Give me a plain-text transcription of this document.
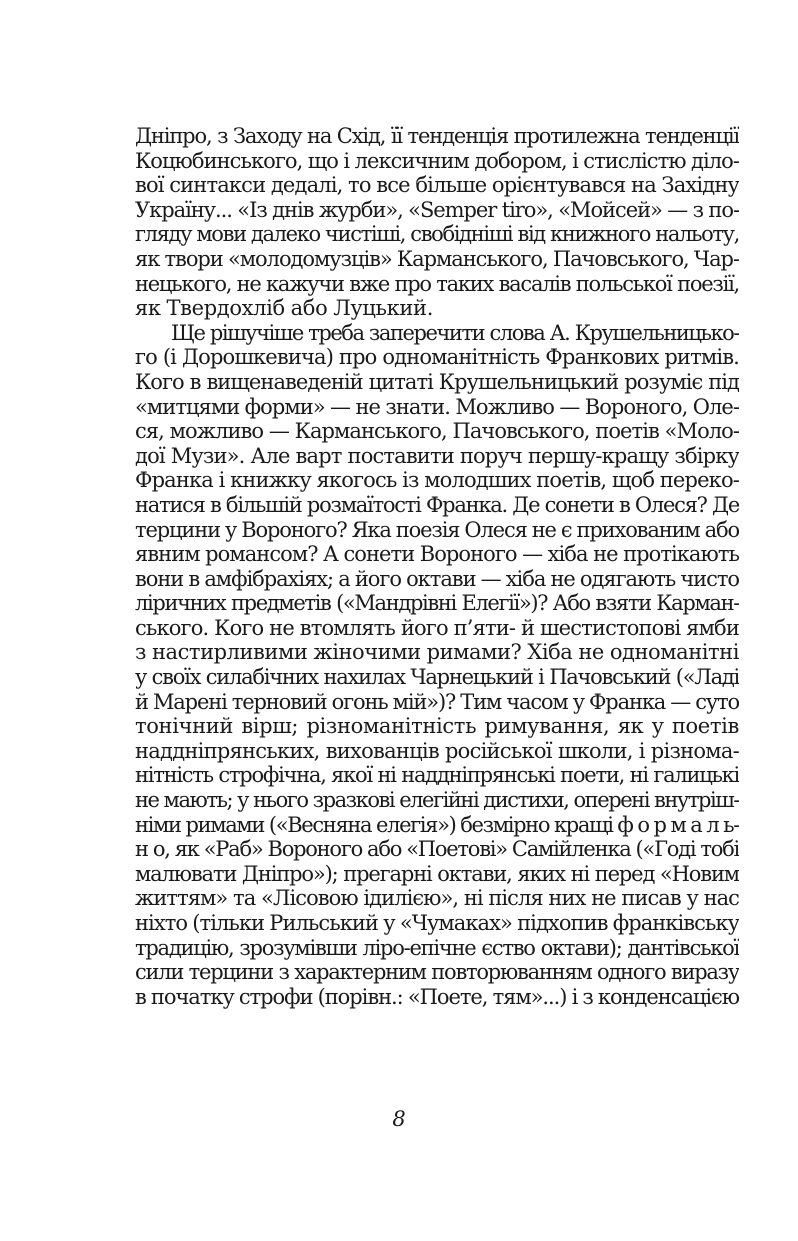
Дніпро, з Заходу на Схід, її тенденція протилежна тенденції
Коцюбинського, що і лексичним добором, і стислістю діло-
вої синтакси дедалі, то все більше орієнтувався на Західну
Україну... «Із днів журби», «Semper tiro», «Мойсей» — з по-
гляду мови далеко чистіші, свобідніші від книжного нальоту,
як твори «молодомузців» Карманського, Пачовського, Чар-
нецького, не кажучи вже про таких васалів польської поезії,
як Твердохліб або Луцький.
Ще рішучіше треба заперечити слова А. Крушельницько-
го (і Дорошкевича) про одноманітність Франкових ритмів.
Кого в вищенаведеній цитаті Крушельницький розуміє під
«митцями форми» — не знати. Можливо — Вороного, Оле-
ся, можливо — Карманського, Пачовського, поетів «Моло-
дої Музи». Але варт поставити поруч першу-кращу збірку
Франка і книжку якогось із молодших поетів, щоб переко-
натися в більшій розмаїтості Франка. Де сонети в Олеся? Де
терцини у Вороного? Яка поезія Олеся не є прихованим або
явним романсом? А сонети Вороного — хіба не протікають
вони в амфібрахіях; а його октави — хіба не одягають чисто
ліричних предметів («Мандрівні Елегії»)? Або взяти Карман-
ського. Кого не втомлять його п’яти- й шестистопові ямби
з настирливими жіночими римами? Хіба не одноманітні
у своїх силабічних нахилах Чарнецький і Пачовський («Ладі
й Марені терновий огонь мій»)? Тим часом у Франка — суто
тонічний вірш; різноманітність римування, як у поетів
наддніпрянських, вихованців російської школи, і різнома-
нітність строфічна, якої ні наддніпрянські поети, ні галицькі
не мають; у нього зразкові елегійні дистихи, оперені внутріш-
німи римами («Весняна елегія») безмірно кращі ф о р м а л ь-
н о, як «Раб» Вороного або «Поетові» Самійленка («Годі тобі
малювати Дніпро»); прегарні октави, яких ні перед «Новим
життям» та «Лісовою ідилією», ні після них не писав у нас
ніхто (тільки Рильський у «Чумаках» підхопив франківську
традицію, зрозумівши ліро-епічне єство октави); дантівської
сили терцини з характерним повторюванням одного виразу
в початку строфи (порівн.: «Поете, тям»...) і з конденсацією
8
